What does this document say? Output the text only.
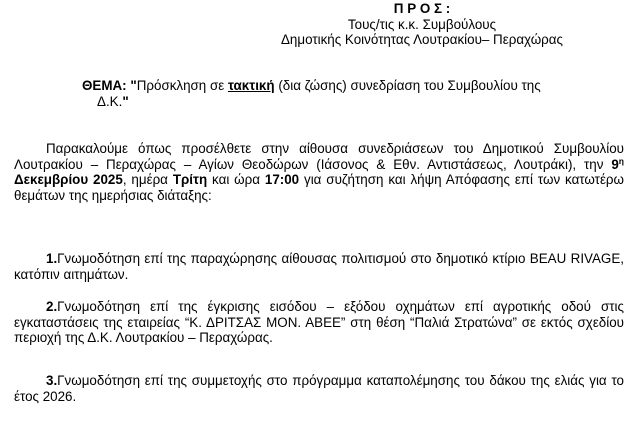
Π Ρ Ο Σ :
Τους/τις κ.κ. Συμβούλους
Δημοτικής Κοινότητας Λουτρακίου– Περαχώρας
ΘΕΜΑ: "Πρόσκληση σε τακτική (δια ζώσης) συνεδρίαση του Συμβουλίου της
Δ.Κ."
Παρακαλούμε όπως προσέλθετε στην αίθουσα συνεδριάσεων του Δημοτικού Συμβουλίου Λουτρακίου – Περαχώρας – Αγίων Θεοδώρων (Ιάσονος & Εθν. Αντιστάσεως, Λουτράκι), την $9^\eta$ Δεκεμβρίου 2025, ημέρα Τρίτη και ώρα 17:00 για συζήτηση και λήψη Απόφασης επί των κατωτέρω θεμάτων της ημερήσιας διάταξης:
1.Γνωμοδότηση επί της παραχώρησης αίθουσας πολιτισμού στο δημοτικό κτίριο BEAU RIVAGE, κατόπιν αιτημάτων.
2.Γνωμοδότηση επί της έγκρισης εισόδου – εξόδου οχημάτων επί αγροτικής οδού στις εγκαταστάσεις της εταιρείας “Κ. ΔΡΙΤΣΑΣ ΜΟΝ. ΑΒΕΕ” στη θέση “Παλιά Στρατώνα” σε εκτός σχεδίου περιοχή της Δ.Κ. Λουτρακίου – Περαχώρας.
3.Γνωμοδότηση επί της συμμετοχής στο πρόγραμμα καταπολέμησης του δάκου της ελιάς για το έτος 2026.
